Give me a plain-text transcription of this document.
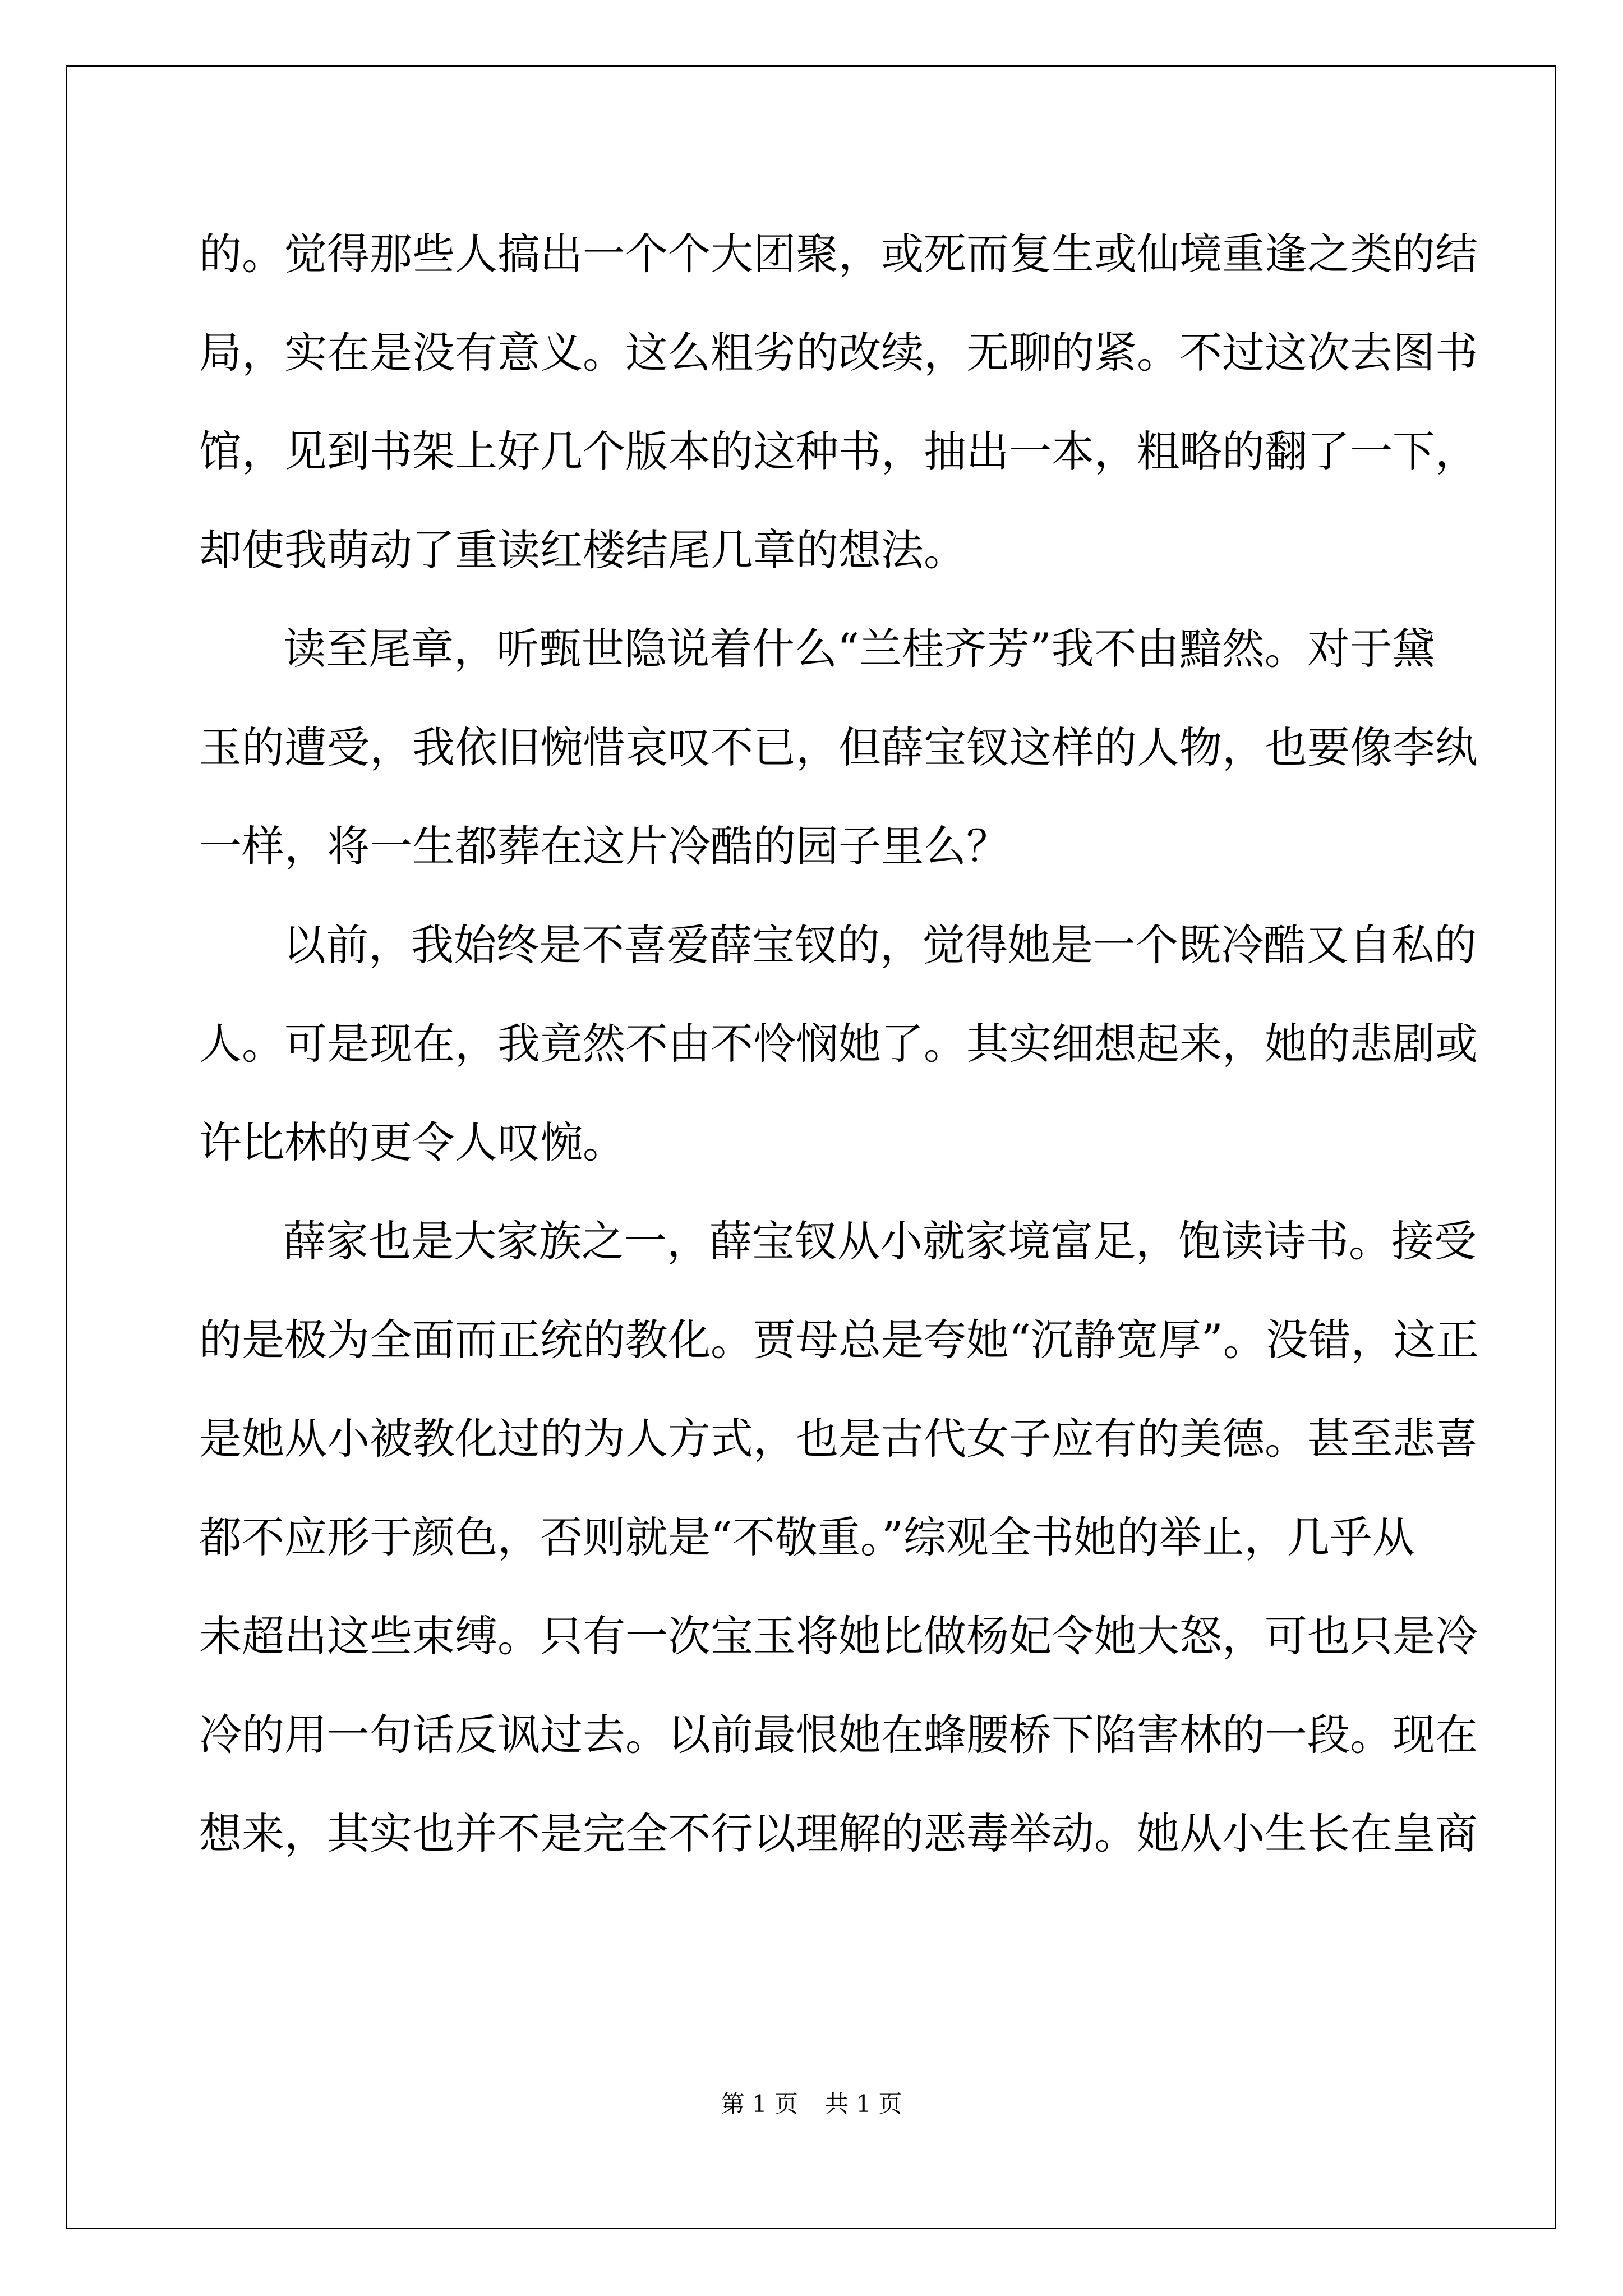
的。觉得那些人搞出一个个大团聚，或死而复生或仙境重逢之类的结
局，实在是没有意义。这么粗劣的改续，无聊的紧。不过这次去图书
馆，见到书架上好几个版本的这种书，抽出一本，粗略的翻了一下，
却使我萌动了重读红楼结尾几章的想法。
读至尾章，听甄世隐说着什么“兰桂齐芳”我不由黯然。对于黛
玉的遭受，我依旧惋惜哀叹不已，但薛宝钗这样的人物，也要像李纨
一样，将一生都葬在这片冷酷的园子里么？
以前，我始终是不喜爱薛宝钗的，觉得她是一个既冷酷又自私的
人。可是现在，我竟然不由不怜悯她了。其实细想起来，她的悲剧或
许比林的更令人叹惋。
薛家也是大家族之一，薛宝钗从小就家境富足，饱读诗书。接受
的是极为全面而正统的教化。贾母总是夸她“沉静宽厚”。没错，这正
是她从小被教化过的为人方式，也是古代女子应有的美德。甚至悲喜
都不应形于颜色，否则就是“不敬重。”综观全书她的举止，几乎从
未超出这些束缚。只有一次宝玉将她比做杨妃令她大怒，可也只是冷
冷的用一句话反讽过去。以前最恨她在蜂腰桥下陷害林的一段。现在
想来，其实也并不是完全不行以理解的恶毒举动。她从小生长在皇商
第 1 页 共 1 页
